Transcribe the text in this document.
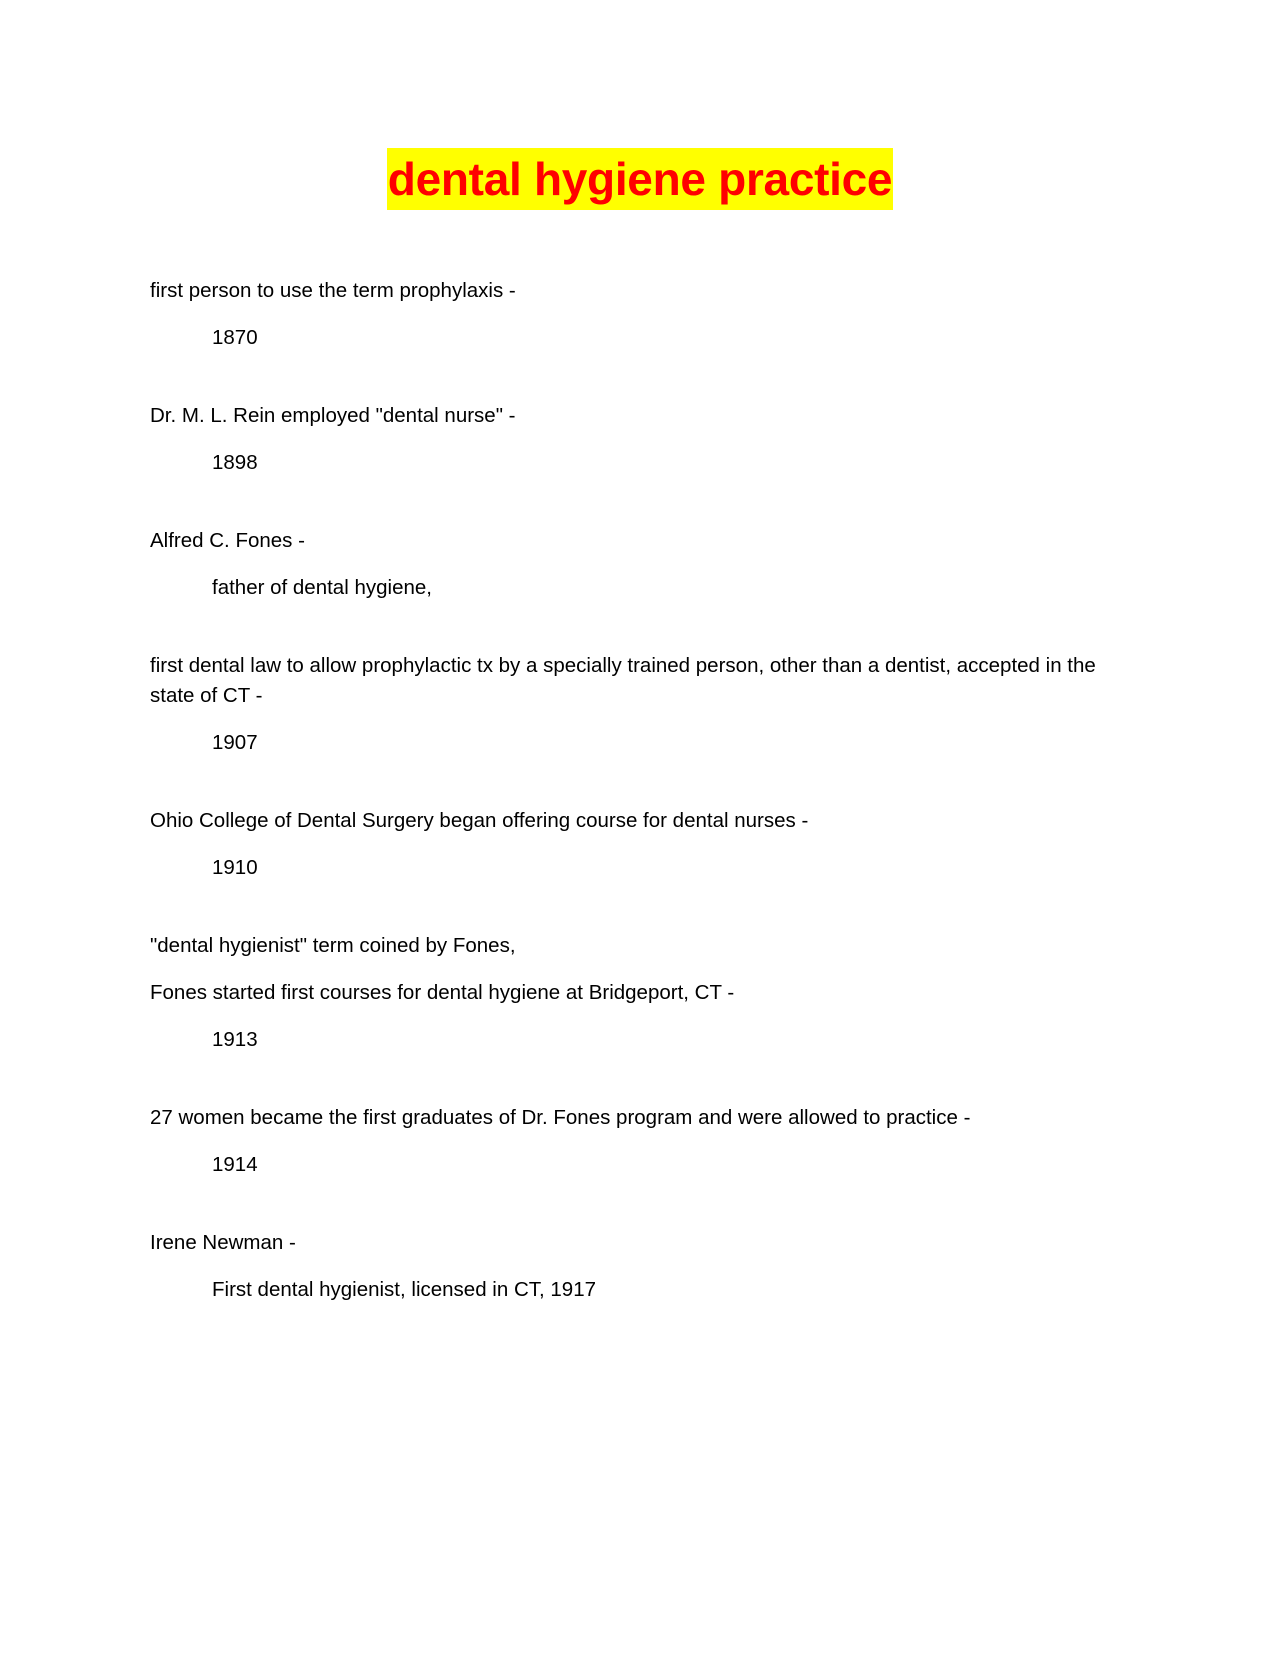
dental hygiene practice

first person to use the term prophylaxis -

1870

Dr. M. L. Rein employed "dental nurse" -

1898

Alfred C. Fones -

father of dental hygiene,

first dental law to allow prophylactic tx by a specially trained person, other than a dentist, accepted in the state of CT -

1907

Ohio College of Dental Surgery began offering course for dental nurses -

1910

"dental hygienist" term coined by Fones,

Fones started first courses for dental hygiene at Bridgeport, CT -

1913

27 women became the first graduates of Dr. Fones program and were allowed to practice -

1914

Irene Newman -

First dental hygienist, licensed in CT, 1917
